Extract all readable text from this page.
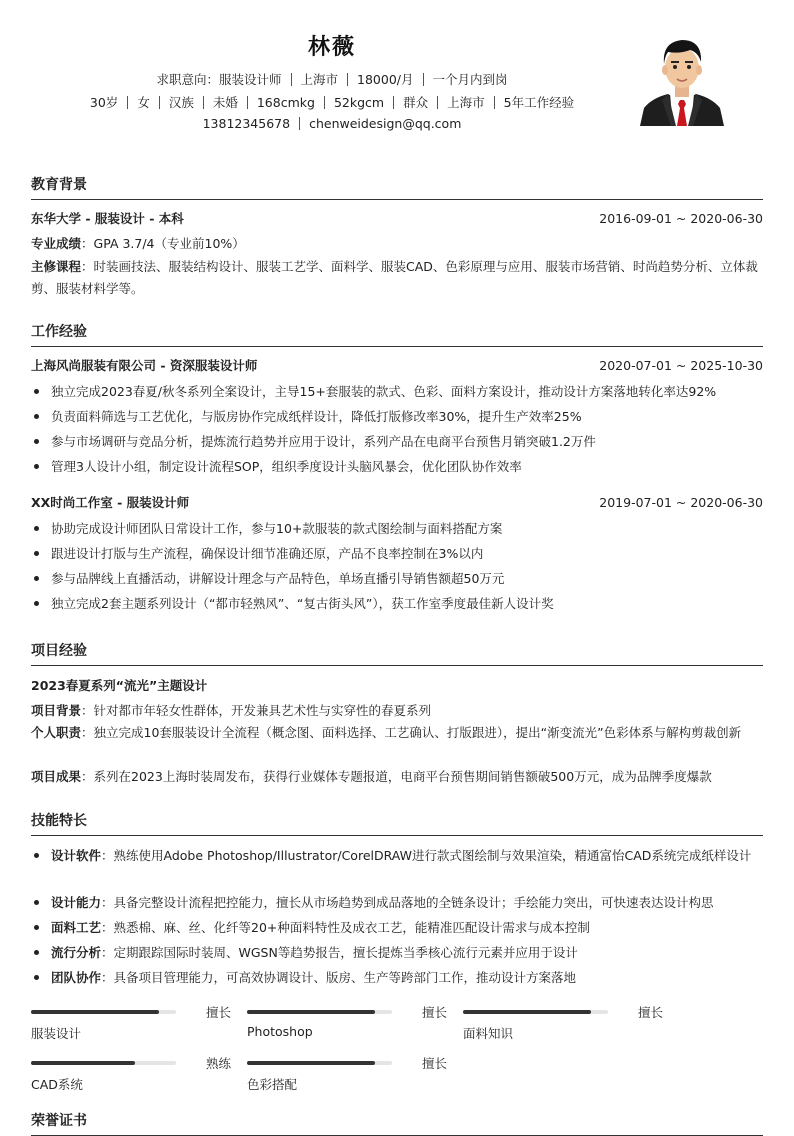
林薇
求职意向：服装设计师 上海市 18000/月 一个月内到岗
30岁 女 汉族 未婚 168cmkg 52kgcm 群众 上海市 5年工作经验
13812345678 chenweidesign@qq.com
教育背景
东华大学 - 服装设计 - 本科	2016-09-01 ~ 2020-06-30
专业成绩：GPA 3.7/4（专业前10%）
主修课程：时装画技法、服装结构设计、服装工艺学、面料学、服装CAD、色彩原理与应用、服装市场营销、时尚趋势分析、立体裁剪、服装材料学等。
工作经验
上海风尚服装有限公司 - 资深服装设计师	2020-07-01 ~ 2025-10-30
独立完成2023春夏/秋冬系列全案设计，主导15+套服装的款式、色彩、面料方案设计，推动设计方案落地转化率达92%
负责面料筛选与工艺优化，与版房协作完成纸样设计，降低打版修改率30%，提升生产效率25%
参与市场调研与竞品分析，提炼流行趋势并应用于设计，系列产品在电商平台预售月销突破1.2万件
管理3人设计小组，制定设计流程SOP，组织季度设计头脑风暴会，优化团队协作效率
XX时尚工作室 - 服装设计师	2019-07-01 ~ 2020-06-30
协助完成设计师团队日常设计工作，参与10+款服装的款式图绘制与面料搭配方案
跟进设计打版与生产流程，确保设计细节准确还原，产品不良率控制在3%以内
参与品牌线上直播活动，讲解设计理念与产品特色，单场直播引导销售额超50万元
独立完成2套主题系列设计（“都市轻熟风”、“复古街头风”），获工作室季度最佳新人设计奖
项目经验
2023春夏系列“流光”主题设计
项目背景：针对都市年轻女性群体，开发兼具艺术性与实穿性的春夏系列
个人职责：独立完成10套服装设计全流程（概念图、面料选择、工艺确认、打版跟进），提出“渐变流光”色彩体系与解构剪裁创新
项目成果：系列在2023上海时装周发布，获得行业媒体专题报道，电商平台预售期间销售额破500万元，成为品牌季度爆款
技能特长
设计软件：熟练使用Adobe Photoshop/Illustrator/CorelDRAW进行款式图绘制与效果渲染，精通富怡CAD系统完成纸样设计
设计能力：具备完整设计流程把控能力，擅长从市场趋势到成品落地的全链条设计；手绘能力突出，可快速表达设计构思
面料工艺：熟悉棉、麻、丝、化纤等20+种面料特性及成衣工艺，能精准匹配设计需求与成本控制
流行分析：定期跟踪国际时装周、WGSN等趋势报告，擅长提炼当季核心流行元素并应用于设计
团队协作：具备项目管理能力，可高效协调设计、版房、生产等跨部门工作，推动设计方案落地
擅长
服装设计
擅长
Photoshop
擅长
面料知识
熟练
CAD系统
擅长
色彩搭配
荣誉证书
